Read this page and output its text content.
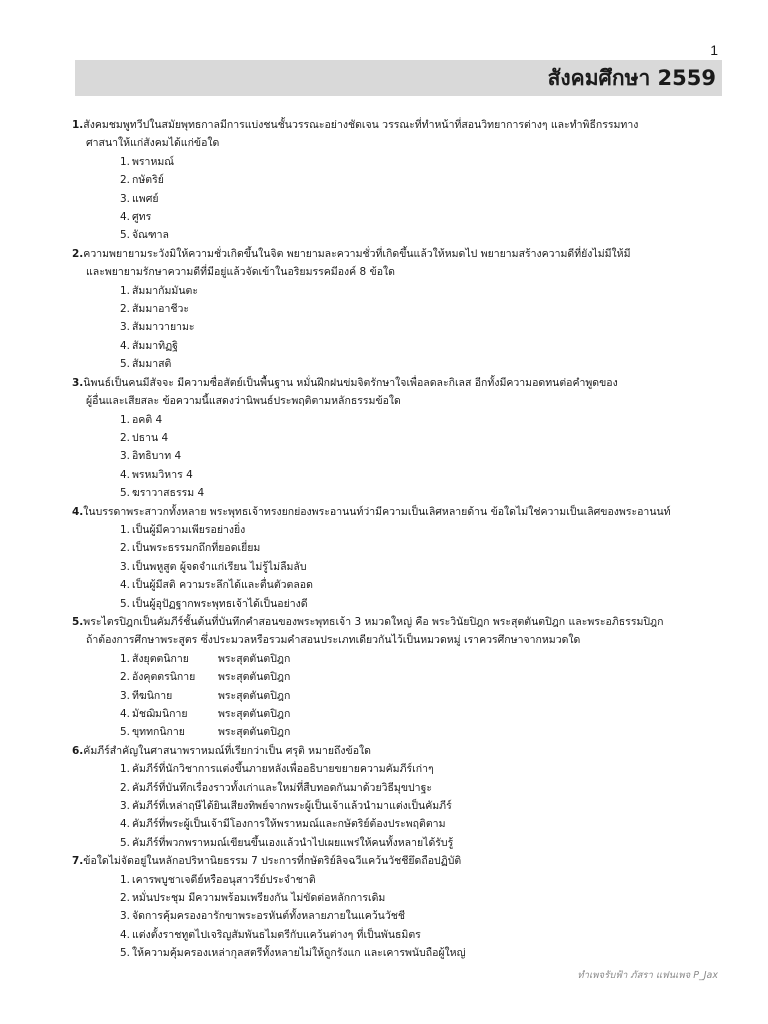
1
สังคมศึกษา 2559
1.สังคมชมพูทวีปในสมัยพุทธกาลมีการแบ่งชนชั้นวรรณะอย่างชัดเจน วรรณะที่ทำหน้าที่สอนวิทยาการต่างๆ และทำพิธีกรรมทาง
ศาสนาให้แก่สังคมได้แก่ข้อใด
1. พราหมณ์
2. กษัตริย์
3. แพศย์
4. ศูทร
5. จัณฑาล
2.ความพยายามระวังมิให้ความชั่วเกิดขึ้นในจิต พยายามละความชั่วที่เกิดขึ้นแล้วให้หมดไป พยายามสร้างความดีที่ยังไม่มีให้มี
และพยายามรักษาความดีที่มีอยู่แล้วจัดเข้าในอริยมรรคมีองค์ 8 ข้อใด
1. สัมมากัมมันตะ
2. สัมมาอาชีวะ
3. สัมมาวายามะ
4. สัมมาทิฏฐิ
5. สัมมาสติ
3.นิพนธ์เป็นคนมีสัจจะ มีความซื่อสัตย์เป็นพื้นฐาน หมั่นฝึกฝนข่มจิตรักษาใจเพื่อลดละกิเลส อีกทั้งมีความอดทนต่อคำพูดของ
ผู้อื่นและเสียสละ ข้อความนี้แสดงว่านิพนธ์ประพฤติตามหลักธรรมข้อใด
1. อคติ 4
2. ปธาน 4
3. อิทธิบาท 4
4. พรหมวิหาร 4
5. ฆราวาสธรรม 4
4.ในบรรดาพระสาวกทั้งหลาย พระพุทธเจ้าทรงยกย่องพระอานนท์ว่ามีความเป็นเลิศหลายด้าน ข้อใดไม่ใช่ความเป็นเลิศของพระอานนท์
1. เป็นผู้มีความเพียรอย่างยิ่ง
2. เป็นพระธรรมกถึกที่ยอดเยี่ยม
3. เป็นพหูสูต ผู้จดจำแก่เรียน ไม่รู้ไม่ลืมลับ
4. เป็นผู้มีสติ ความระลึกได้และตื่นตัวตลอด
5. เป็นผู้อุปัฏฐากพระพุทธเจ้าได้เป็นอย่างดี
5.พระไตรปิฎกเป็นคัมภีร์ชั้นต้นที่บันทึกคำสอนของพระพุทธเจ้า 3 หมวดใหญ่ คือ พระวินัยปิฎก พระสุตตันตปิฎก และพระอภิธรรมปิฎก
ถ้าต้องการศึกษาพระสูตร ซึ่งประมวลหรือรวมคำสอนประเภทเดียวกันไว้เป็นหมวดหมู่ เราควรศึกษาจากหมวดใด
1. สังยุตตนิกาย	พระสุตตันตปิฎก
2. อังคุตตรนิกาย	พระสุตตันตปิฎก
3. ทีฆนิกาย	พระสุตตันตปิฎก
4. มัชฌิมนิกาย	พระสุตตันตปิฎก
5. ขุททกนิกาย	พระสุตตันตปิฎก
6.คัมภีร์สำคัญในศาสนาพราหมณ์ที่เรียกว่าเป็น ศรุติ หมายถึงข้อใด
1. คัมภีร์ที่นักวิชาการแต่งขึ้นภายหลังเพื่ออธิบายขยายความคัมภีร์เก่าๆ
2. คัมภีร์ที่บันทึกเรื่องราวทั้งเก่าและใหม่ที่สืบทอดกันมาด้วยวิธีมุขปาฐะ
3. คัมภีร์ที่เหล่าฤษีได้ยินเสียงทิพย์จากพระผู้เป็นเจ้าแล้วนำมาแต่งเป็นคัมภีร์
4. คัมภีร์ที่พระผู้เป็นเจ้ามีโองการให้พราหมณ์และกษัตริย์ต้องประพฤติตาม
5. คัมภีร์ที่พวกพราหมณ์เขียนขึ้นเองแล้วนำไปเผยแพร่ให้คนทั้งหลายได้รับรู้
7.ข้อใดไม่จัดอยู่ในหลักอปริหานิยธรรม 7 ประการที่กษัตริย์ลิจฉวีแคว้นวัชชียึดถือปฏิบัติ
1. เคารพบูชาเจดีย์หรืออนุสาวรีย์ประจำชาติ
2. หมั่นประชุม มีความพร้อมเพรียงกัน ไม่ขัดต่อหลักการเดิม
3. จัดการคุ้มครองอารักขาพระอรหันต์ทั้งหลายภายในแคว้นวัชชี
4. แต่งตั้งราชทูตไปเจริญสัมพันธไมตรีกับแคว้นต่างๆ ที่เป็นพันธมิตร
5. ให้ความคุ้มครองเหล่ากุลสตรีทั้งหลายไม่ให้ถูกรังแก และเคารพนับถือผู้ใหญ่
ทำเพจรับฟ้า ภัสรา แฟนเพจ P_Jax
